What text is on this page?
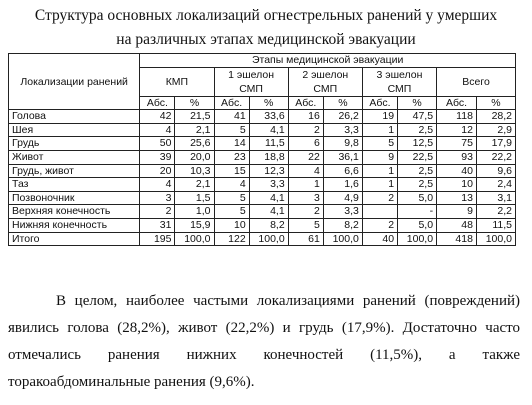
Структура основных локализаций огнестрельных ранений у умерших
на различных этапах медицинской эвакуации
Локализации ранений	Этапы медицинской эвакуации									
	КМП		1 эшелон СМП		2 эшелон СМП		3 эшелон СМП		Всего	
	Абс.	%	Абс.	%	Абс.	%	Абс.	%	Абс.	%
Голова	42	21,5	41	33,6	16	26,2	19	47,5	118	28,2
Шея	4	2,1	5	4,1	2	3,3	1	2,5	12	2,9
Грудь	50	25,6	14	11,5	6	9,8	5	12,5	75	17,9
Живот	39	20,0	23	18,8	22	36,1	9	22,5	93	22,2
Грудь, живот	20	10,3	15	12,3	4	6,6	1	2,5	40	9,6
Таз	4	2,1	4	3,3	1	1,6	1	2,5	10	2,4
Позвоночник	3	1,5	5	4,1	3	4,9	2	5,0	13	3,1
Верхняя конечность	2	1,0	5	4,1	2	3,3		-	9	2,2
Нижняя конечность	31	15,9	10	8,2	5	8,2	2	5,0	48	11,5
Итого	195	100,0	122	100,0	61	100,0	40	100,0	418	100,0
В целом, наиболее частыми локализациями ранений (повреждений) явились голова (28,2%), живот (22,2%) и грудь (17,9%). Достаточно часто отмечались ранения нижних конечностей (11,5%), а также торакоабдоминальные ранения (9,6%).
